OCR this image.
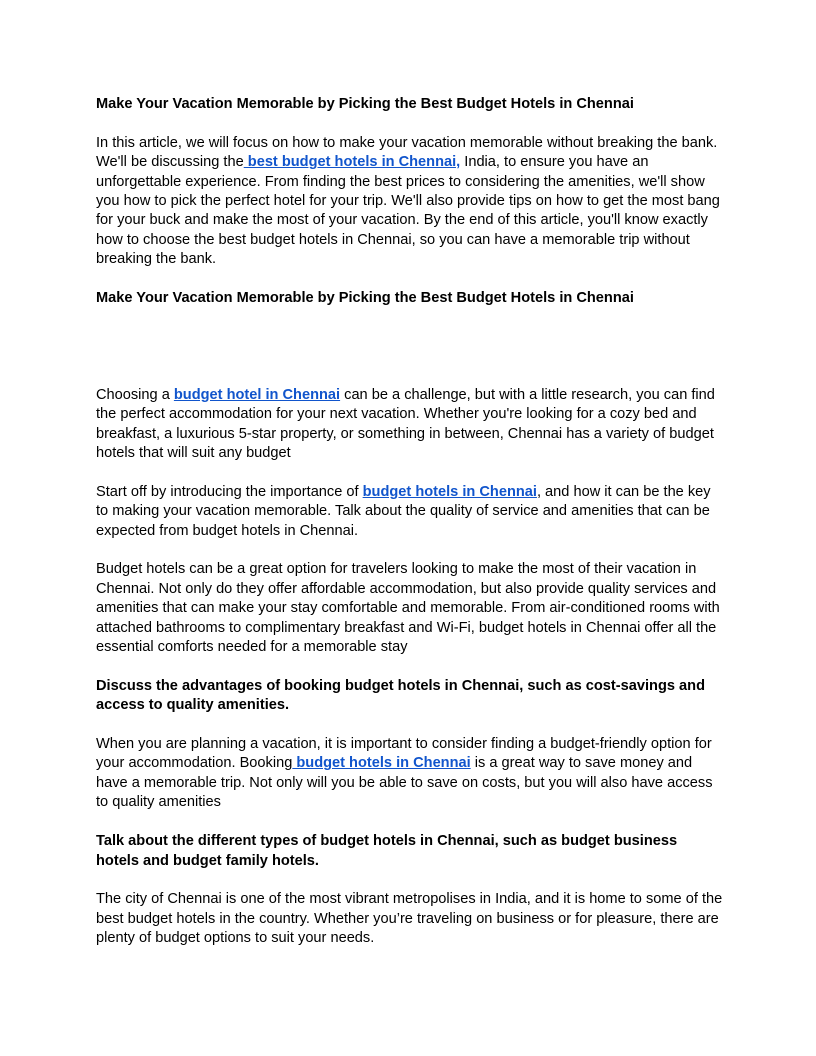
Make Your Vacation Memorable by Picking the Best Budget Hotels in Chennai

In this article, we will focus on how to make your vacation memorable without breaking the bank. We'll be discussing the best budget hotels in Chennai, India, to ensure you have an unforgettable experience. From finding the best prices to considering the amenities, we'll show you how to pick the perfect hotel for your trip. We'll also provide tips on how to get the most bang for your buck and make the most of your vacation. By the end of this article, you'll know exactly how to choose the best budget hotels in Chennai, so you can have a memorable trip without breaking the bank.

Make Your Vacation Memorable by Picking the Best Budget Hotels in Chennai

Choosing a budget hotel in Chennai can be a challenge, but with a little research, you can find the perfect accommodation for your next vacation. Whether you're looking for a cozy bed and breakfast, a luxurious 5-star property, or something in between, Chennai has a variety of budget hotels that will suit any budget

Start off by introducing the importance of budget hotels in Chennai, and how it can be the key to making your vacation memorable. Talk about the quality of service and amenities that can be expected from budget hotels in Chennai.

Budget hotels can be a great option for travelers looking to make the most of their vacation in Chennai. Not only do they offer affordable accommodation, but also provide quality services and amenities that can make your stay comfortable and memorable. From air-conditioned rooms with attached bathrooms to complimentary breakfast and Wi-Fi, budget hotels in Chennai offer all the essential comforts needed for a memorable stay

Discuss the advantages of booking budget hotels in Chennai, such as cost-savings and access to quality amenities.

When you are planning a vacation, it is important to consider finding a budget-friendly option for your accommodation. Booking budget hotels in Chennai is a great way to save money and have a memorable trip. Not only will you be able to save on costs, but you will also have access to quality amenities

Talk about the different types of budget hotels in Chennai, such as budget business hotels and budget family hotels.

The city of Chennai is one of the most vibrant metropolises in India, and it is home to some of the best budget hotels in the country. Whether you’re traveling on business or for pleasure, there are plenty of budget options to suit your needs.
